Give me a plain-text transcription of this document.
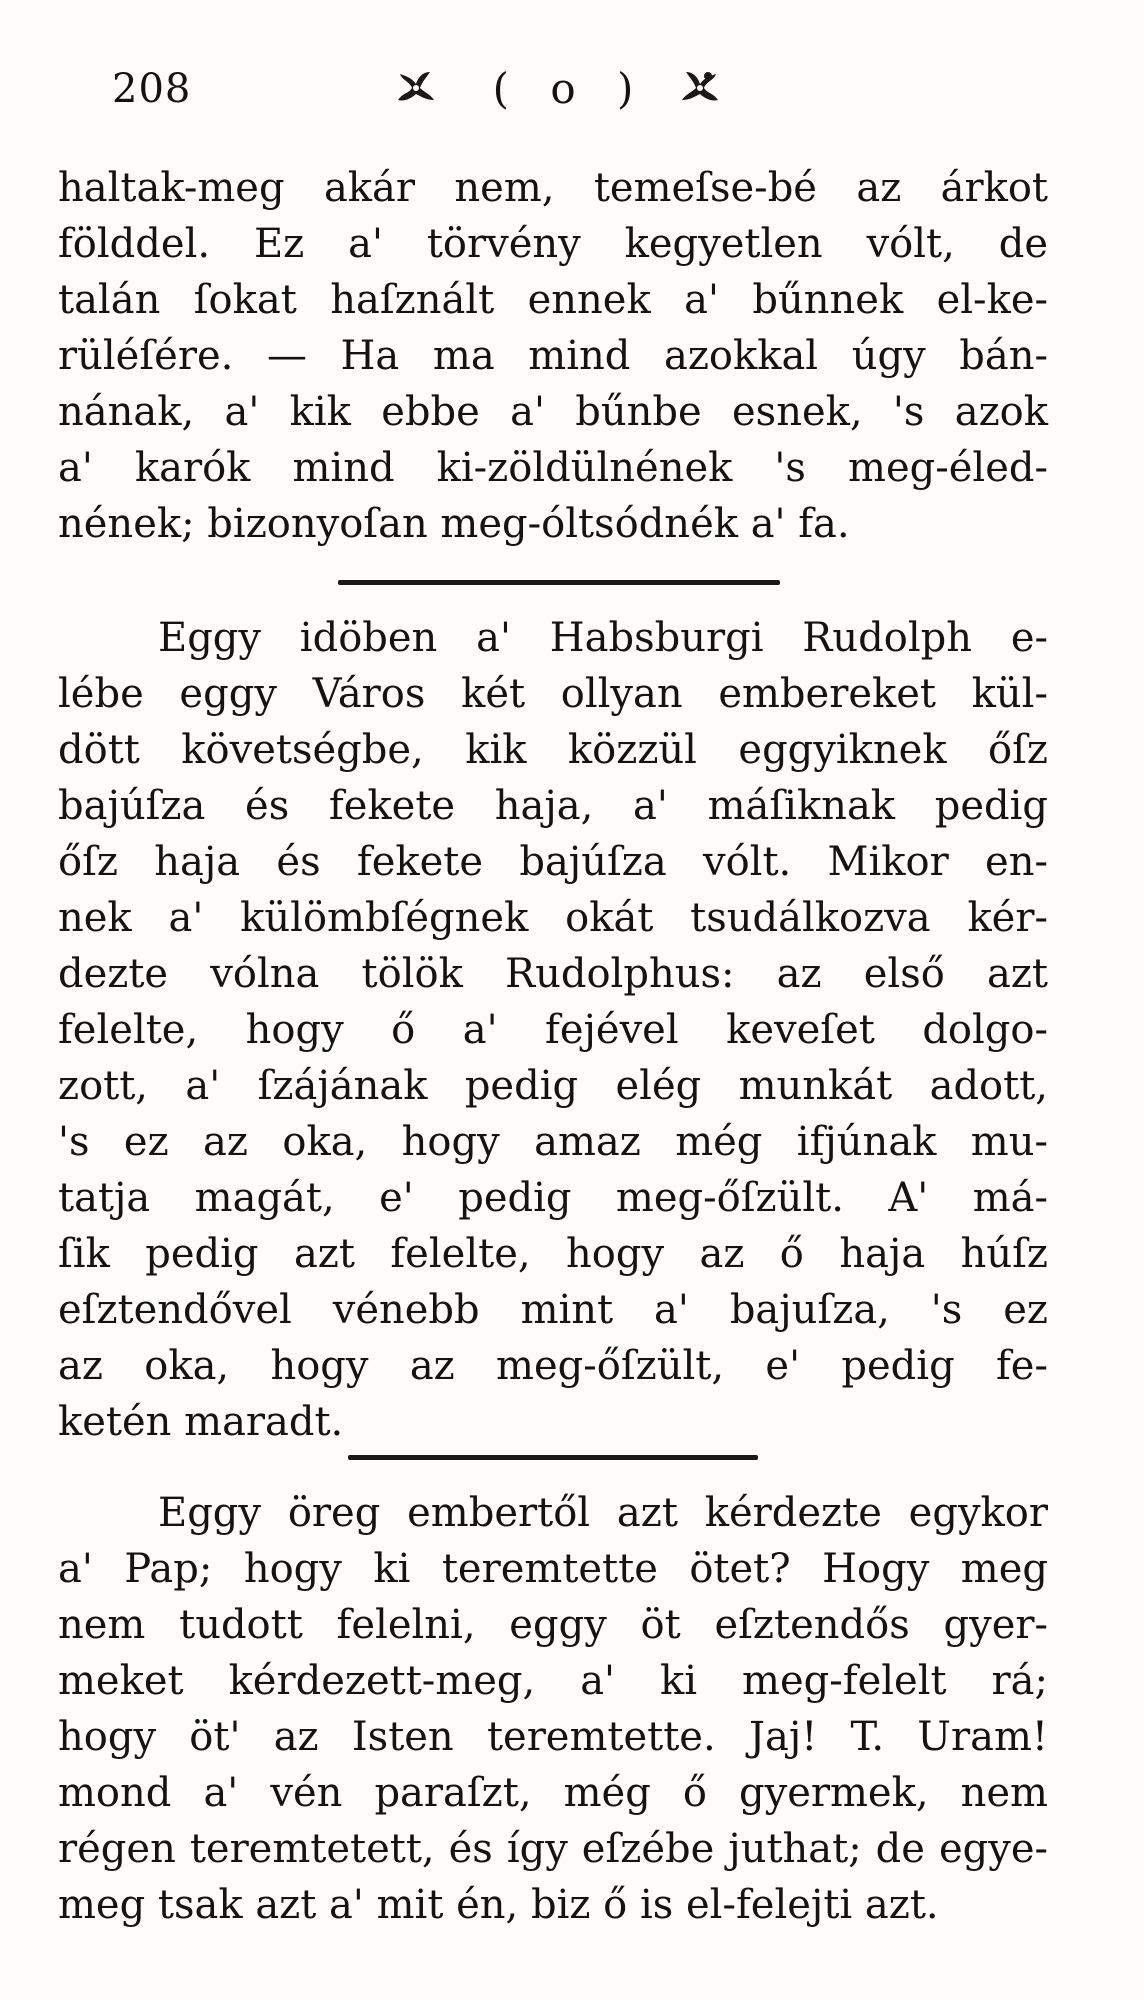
208	( o )
haltak-meg akár nem, temeſse-bé az árkot
földdel. Ez a' törvény kegyetlen vólt, de
talán ſokat haſznált ennek a' bűnnek el-ke-
rüléſére. — Ha ma mind azokkal úgy bán-
nának, a' kik ebbe a' bűnbe esnek, 's azok
a' karók mind ki-zöldülnének 's meg-éled-
nének; bizonyoſan meg-óltsódnék a' fa.
Eggy idöben a' Habsburgi Rudolph e-
lébe eggy Város két ollyan embereket kül-
dött követségbe, kik közzül eggyiknek őſz
bajúſza és fekete haja, a' máſiknak pedig
őſz haja és fekete bajúſza vólt. Mikor en-
nek a' külömbſégnek okát tsudálkozva kér-
dezte vólna tölök Rudolphus: az első azt
felelte, hogy ő a' fejével keveſet dolgo-
zott, a' ſzájának pedig elég munkát adott,
's ez az oka, hogy amaz még ifjúnak mu-
tatja magát, e' pedig meg-őſzült. A' má-
ſik pedig azt felelte, hogy az ő haja húſz
eſztendővel vénebb mint a' bajuſza, 's ez
az oka, hogy az meg-őſzült, e' pedig fe-
ketén maradt.
Eggy öreg embertől azt kérdezte egykor
a' Pap; hogy ki teremtette ötet? Hogy meg
nem tudott felelni, eggy öt eſztendős gyer-
meket kérdezett-meg, a' ki meg-felelt rá;
hogy öt' az Isten teremtette. Jaj! T. Uram!
mond a' vén paraſzt, még ő gyermek, nem
régen teremtetett, és így eſzébe juthat; de egye-
meg tsak azt a' mit én, biz ő is el-felejti azt.
